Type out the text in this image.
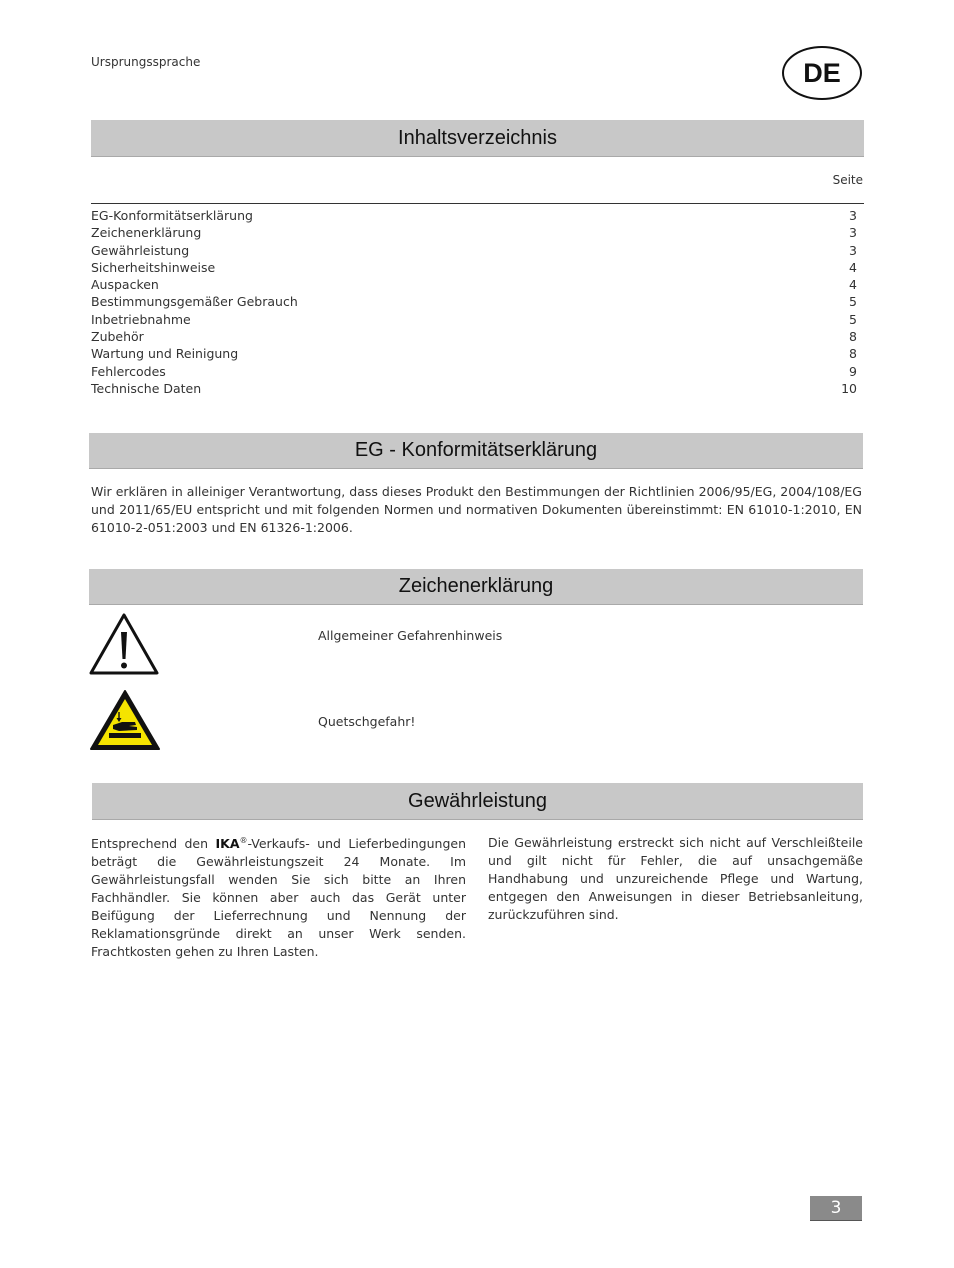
Ursprungssprache	DE
Inhaltsverzeichnis
Seite
EG-Konformitätserklärung	3
Zeichenerklärung	3
Gewährleistung	3
Sicherheitshinweise	4
Auspacken	4
Bestimmungsgemäßer Gebrauch	5
Inbetriebnahme	5
Zubehör	8
Wartung und Reinigung	8
Fehlercodes	9
Technische Daten	10
EG - Konformitätserklärung

Wir erklären in alleiniger Verantwortung, dass dieses Produkt den Bestimmungen der Richtlinien 2006/95/EG, 2004/108/EG und 2011/65/EU entspricht und mit folgenden Normen und normativen Dokumenten übereinstimmt: EN 61010-1:2010, EN 61010-2-051:2003 und EN 61326-1:2006.

Zeichenerklärung
Allgemeiner Gefahrenhinweis
Quetschgefahr!
Gewährleistung

Entsprechend den IKA®-Verkaufs- und Lieferbedingungen beträgt die Gewährleistungszeit 24 Monate. Im Gewährleistungsfall wenden Sie sich bitte an Ihren Fachhändler. Sie können aber auch das Gerät unter Beifügung der Lieferrechnung und Nennung der Reklamationsgründe direkt an unser Werk senden. Frachtkosten gehen zu Ihren Lasten.

Die Gewährleistung erstreckt sich nicht auf Verschleißteile und gilt nicht für Fehler, die auf unsachgemäße Handhabung und unzureichende Pflege und Wartung, entgegen den Anweisungen in dieser Betriebsanleitung, zurückzuführen sind.

3
